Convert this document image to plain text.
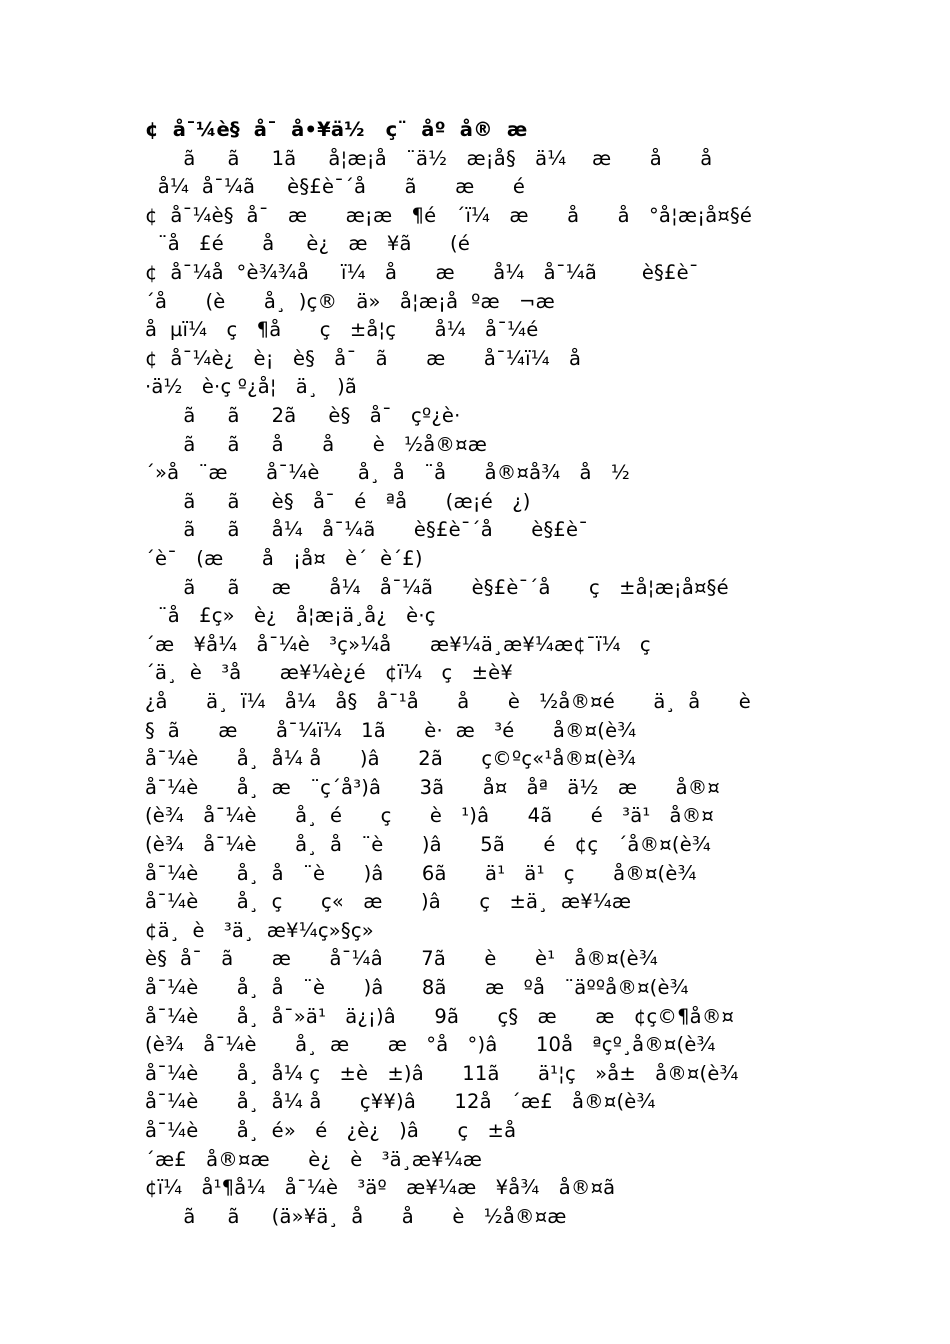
¢  å¯¼è§  å¯  å•¥ä½   ç¨  åº  å®  æ
ã     ã     1ã     å¦æ¡å   ¨ä½   æ¡å§   ä¼    æ      å      å
å¼  å¯¼ã     è§£è¯´å      ã      æ      é
¢  å¯¼è§  å¯   æ      æ¡æ   ¶é   ´ï¼   æ      å      å   °å¦æ¡å¤§é
¨å   £é      å     è¿   æ   ¥ã      (é
¢  å¯¼å  °è¾¾å     ï¼   å      æ      å¼   å¯¼ã       è§£è¯
´å      (è      å¸  )ç®   ä»   å¦æ¡å  ºæ   ¬æ
å  µï¼   ç   ¶å      ç   ±å¦ç      å¼   å¯¼é
¢  å¯¼è¿   è¡   è§   å¯   ã      æ      å¯¼ï¼   å
·ä½   è·ç º¿å¦   ä¸   )ã
ã     ã     2ã     è§   å¯   çº¿è·
ã     ã     å      å      è   ½å®¤æ
´»å   ¨æ      å¯¼è      å¸  å   ¨å      å®¤å¾   å   ½
ã     ã     è§   å¯   é   ªå      (æ¡é   ¿)
ã     ã     å¼   å¯¼ã      è§£è¯´å      è§£è¯
´è¯   (æ      å   ¡å¤   è´  è´£)
ã     ã     æ      å¼   å¯¼ã      è§£è¯´å      ç   ±å¦æ¡å¤§é
¨å   £ç»   è¿   å¦æ¡ä¸å¿   è·ç
´æ   ¥å¼   å¯¼è   ³ç»¼å      æ¥¼ä¸æ¥¼æ¢¯ï¼   ç
´ä¸  è   ³å      æ¥¼è¿é   ¢ï¼   ç   ±è¥
¿å      ä¸  ï¼   å¼   å§   å¯¹å      å      è   ½å®¤é      ä¸  å      è
§  ã      æ      å¯¼ï¼   1ã      è·  æ   ³é      å®¤(è¾
å¯¼è      å¸  å¼ å      )â      2ã      ç©ºç«¹å®¤(è¾
å¯¼è      å¸  æ   ¨ç´å³)â      3ã      å¤   åª   ä½   æ      å®¤
(è¾   å¯¼è      å¸  é      ç      è   ¹)â      4ã      é   ³ä¹   å®¤
(è¾   å¯¼è      å¸  å   ¨è      )â      5ã      é   ¢ç   ´å®¤(è¾
å¯¼è      å¸  å   ¨è      )â      6ã      ä¹   ä¹   ç      å®¤(è¾
å¯¼è      å¸  ç      ç«   æ      )â      ç   ±ä¸  æ¥¼æ
¢ä¸  è   ³ä¸  æ¥¼ç»§ç»
è§  å¯   ã      æ      å¯¼â      7ã      è      è¹   å®¤(è¾
å¯¼è      å¸  å   ¨è      )â      8ã      æ   ºå   ¨äººå®¤(è¾
å¯¼è      å¸  å¯»ä¹   ä¿¡)â      9ã      ç§   æ      æ   ¢ç©¶å®¤
(è¾   å¯¼è      å¸  æ      æ   °å   °)â      10å   ªçº¸å®¤(è¾
å¯¼è      å¸  å¼ ç   ±è   ±)â      11ã      ä¹¦ç   »å±   å®¤(è¾
å¯¼è      å¸  å¼ å      ç¥¥)â      12å   ´æ£   å®¤(è¾
å¯¼è      å¸  é»   é   ¿è¿   )â      ç   ±å
´æ£   å®¤æ      è¿   è   ³ä¸æ¥¼æ
¢ï¼   å¹¶å¼   å¯¼è   ³äº   æ¥¼æ   ¥å¾   å®¤ã
ã     ã     (ä»¥ä¸  å      å      è   ½å®¤æ
